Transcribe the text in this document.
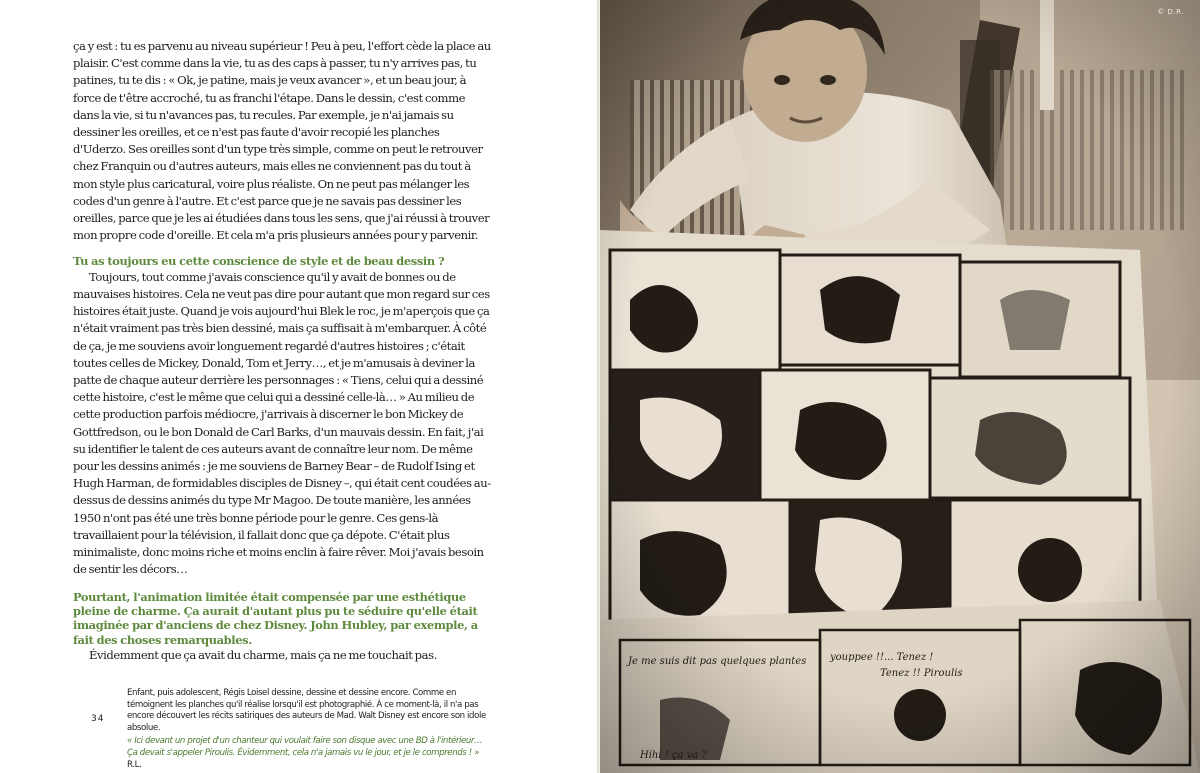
ça y est : tu es parvenu au niveau supérieur ! Peu à peu, l'effort cède la place au plaisir. C'est comme dans la vie, tu as des caps à passer, tu n'y arrives pas, tu patines, tu te dis : « Ok, je patine, mais je veux avancer », et un beau jour, à force de t'être accroché, tu as franchi l'étape. Dans le dessin, c'est comme dans la vie, si tu n'avances pas, tu recules. Par exemple, je n'ai jamais su dessiner les oreilles, et ce n'est pas faute d'avoir recopié les planches d'Uderzo. Ses oreilles sont d'un type très simple, comme on peut le retrouver chez Franquin ou d'autres auteurs, mais elles ne conviennent pas du tout à mon style plus caricatural, voire plus réaliste. On ne peut pas mélanger les codes d'un genre à l'autre. Et c'est parce que je ne savais pas dessiner les oreilles, parce que je les ai étudiées dans tous les sens, que j'ai réussi à trouver mon propre code d'oreille. Et cela m'a pris plusieurs années pour y parvenir.

Tu as toujours eu cette conscience de style et de beau dessin ?

Toujours, tout comme j'avais conscience qu'il y avait de bonnes ou de mauvaises histoires. Cela ne veut pas dire pour autant que mon regard sur ces histoires était juste. Quand je vois aujourd'hui Blek le roc, je m'aperçois que ça n'était vraiment pas très bien dessiné, mais ça suffisait à m'embarquer. À côté de ça, je me souviens avoir longuement regardé d'autres histoires ; c'était toutes celles de Mickey, Donald, Tom et Jerry…, et je m'amusais à deviner la patte de chaque auteur derrière les personnages : « Tiens, celui qui a dessiné cette histoire, c'est le même que celui qui a dessiné celle-là… » Au milieu de cette production parfois médiocre, j'arrivais à discerner le bon Mickey de Gottfredson, ou le bon Donald de Carl Barks, d'un mauvais dessin. En fait, j'ai su identifier le talent de ces auteurs avant de connaître leur nom. De même pour les dessins animés : je me souviens de Barney Bear – de Rudolf Ising et Hugh Harman, de formidables disciples de Disney –, qui était cent coudées au-dessus de dessins animés du type Mr Magoo. De toute manière, les années 1950 n'ont pas été une très bonne période pour le genre. Ces gens-là travaillaient pour la télévision, il fallait donc que ça dépote. C'était plus minimaliste, donc moins riche et moins enclin à faire rêver. Moi j'avais besoin de sentir les décors…

Pourtant, l'animation limitée était compensée par une esthétique pleine de charme. Ça aurait d'autant plus pu te séduire qu'elle était imaginée par d'anciens de chez Disney. John Hubley, par exemple, a fait des choses remarquables.

Évidemment que ça avait du charme, mais ça ne me touchait pas.

34
Enfant, puis adolescent, Régis Loisel dessine, dessine et dessine encore. Comme en témoignent les planches qu'il réalise lorsqu'il est photographié. À ce moment-là, il n'a pas encore découvert les récits satiriques des auteurs de Mad. Walt Disney est encore son idole absolue.
« Ici devant un projet d'un chanteur qui voulait faire son disque avec une BD à l'intérieur… Ça devait s'appeler Piroulis. Évidemment, cela n'a jamais vu le jour, et je le comprends ! » R.L.
© D.R.
